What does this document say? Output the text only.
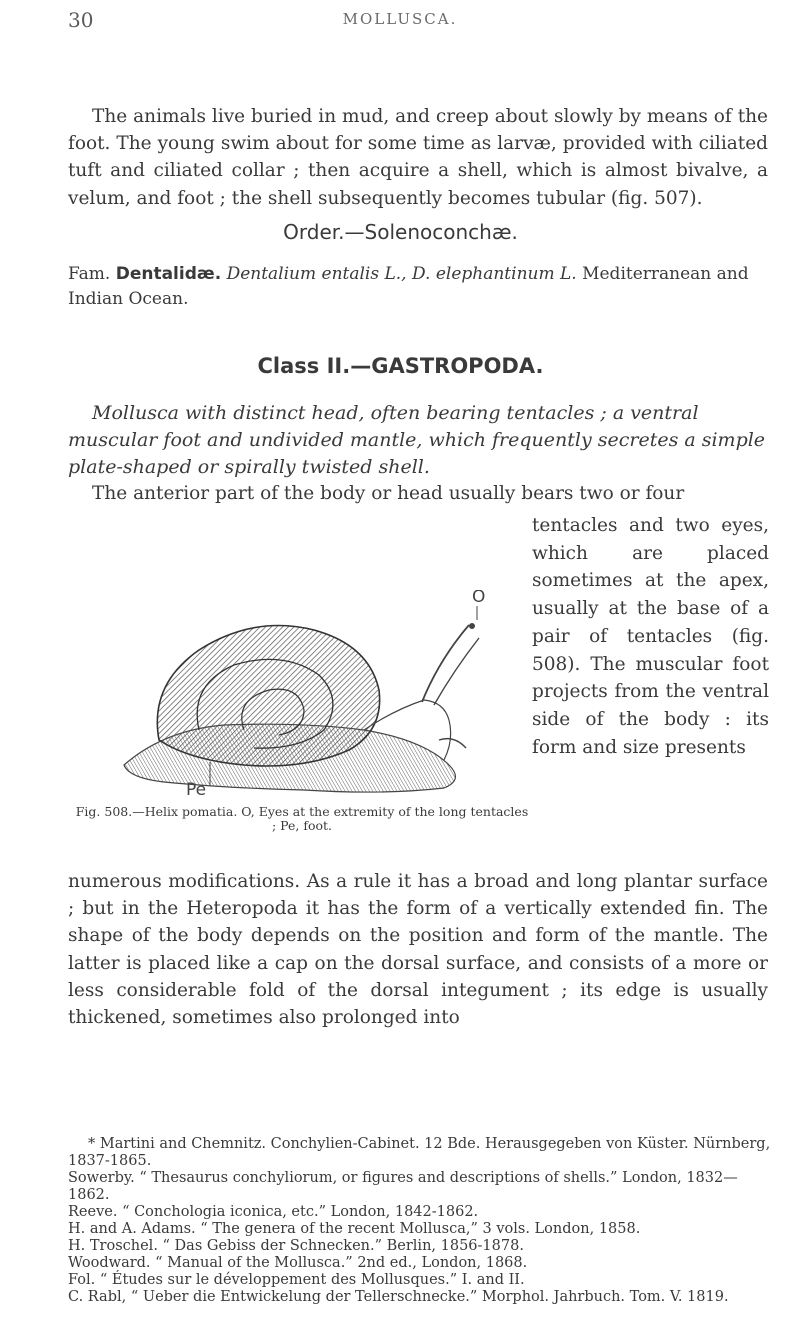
30	MOLLUSCA.

The animals live buried in mud, and creep about slowly by means of the foot. The young swim about for some time as larvæ, provided with ciliated tuft and ciliated collar ; then acquire a shell, which is almost bivalve, a velum, and foot ; the shell subsequently becomes tubular (fig. 507).

Order.—Solenoconchæ.

Fam. Dentalidæ. Dentalium entalis L., D. elephantinum L. Mediterranean and Indian Ocean.

Class II.—GASTROPODA.

Mollusca with distinct head, often bearing tentacles ; a ventral muscular foot and undivided mantle, which frequently secretes a simple plate-shaped or spirally twisted shell.

The anterior part of the body or head usually bears two or four

tentacles and two eyes, which are placed sometimes at the apex, usually at the base of a pair of tentacles (fig. 508). The muscular foot projects from the ventral side of the body : its form and size presents

O
Pe
Fig. 508.—Helix pomatia. O, Eyes at the extremity of the long tentacles ; Pe, foot.

numerous modifications. As a rule it has a broad and long plantar surface ; but in the Heteropoda it has the form of a vertically extended fin. The shape of the body depends on the position and form of the mantle. The latter is placed like a cap on the dorsal surface, and consists of a more or less considerable fold of the dorsal integument ; its edge is usually thickened, sometimes also prolonged into

* Martini and Chemnitz. Conchylien-Cabinet. 12 Bde. Herausgegeben von Küster. Nürnberg, 1837-1865.
Sowerby. “ Thesaurus conchyliorum, or figures and descriptions of shells.” London, 1832—1862.
Reeve. “ Conchologia iconica, etc.” London, 1842-1862.
H. and A. Adams. “ The genera of the recent Mollusca,” 3 vols. London, 1858.
H. Troschel. “ Das Gebiss der Schnecken.” Berlin, 1856-1878.
Woodward. “ Manual of the Mollusca.” 2nd ed., London, 1868.
Fol. “ Études sur le développement des Mollusques.” I. and II.
C. Rabl, “ Ueber die Entwickelung der Tellerschnecke.” Morphol. Jahrbuch. Tom. V. 1819.
